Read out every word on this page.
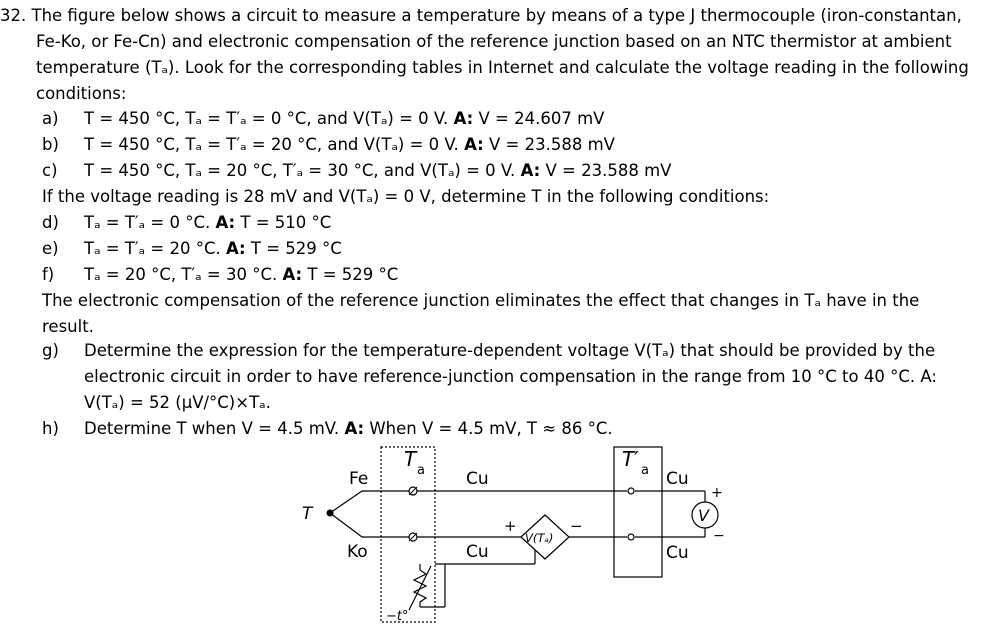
32. The figure below shows a circuit to measure a temperature by means of a type J thermocouple (iron-constantan,
Fe-Ko, or Fe-Cn) and electronic compensation of the reference junction based on an NTC thermistor at ambient
temperature (Tₐ). Look for the corresponding tables in Internet and calculate the voltage reading in the following
conditions:
a) T = 450 °C, Tₐ = T′ₐ = 0 °C, and V(Tₐ) = 0 V. A: V = 24.607 mV
b) T = 450 °C, Tₐ = T′ₐ = 20 °C, and V(Tₐ) = 0 V. A: V = 23.588 mV
c) T = 450 °C, Tₐ = 20 °C, T′ₐ = 30 °C, and V(Tₐ) = 0 V. A: V = 23.588 mV
If the voltage reading is 28 mV and V(Tₐ) = 0 V, determine T in the following conditions:
d) Tₐ = T′ₐ = 0 °C. A: T = 510 °C
e) Tₐ = T′ₐ = 20 °C. A: T = 529 °C
f) Tₐ = 20 °C, T′ₐ = 30 °C. A: T = 529 °C
The electronic compensation of the reference junction eliminates the effect that changes in Tₐ have in the
result.
g)	Determine the expression for the temperature-dependent voltage V(Tₐ) that should be provided by the
electronic circuit in order to have reference-junction compensation in the range from 10 °C to 40 °C. A:
V(Tₐ) = 52 (μV/°C)×Tₐ.
h) Determine T when V = 4.5 mV. A: When V = 4.5 mV, T ≈ 86 °C.
T
Fe
Ko
T a Cu
Cu
T′ a Cu
Cu
+	−
V(Tₐ)
+
−
V
−t°
